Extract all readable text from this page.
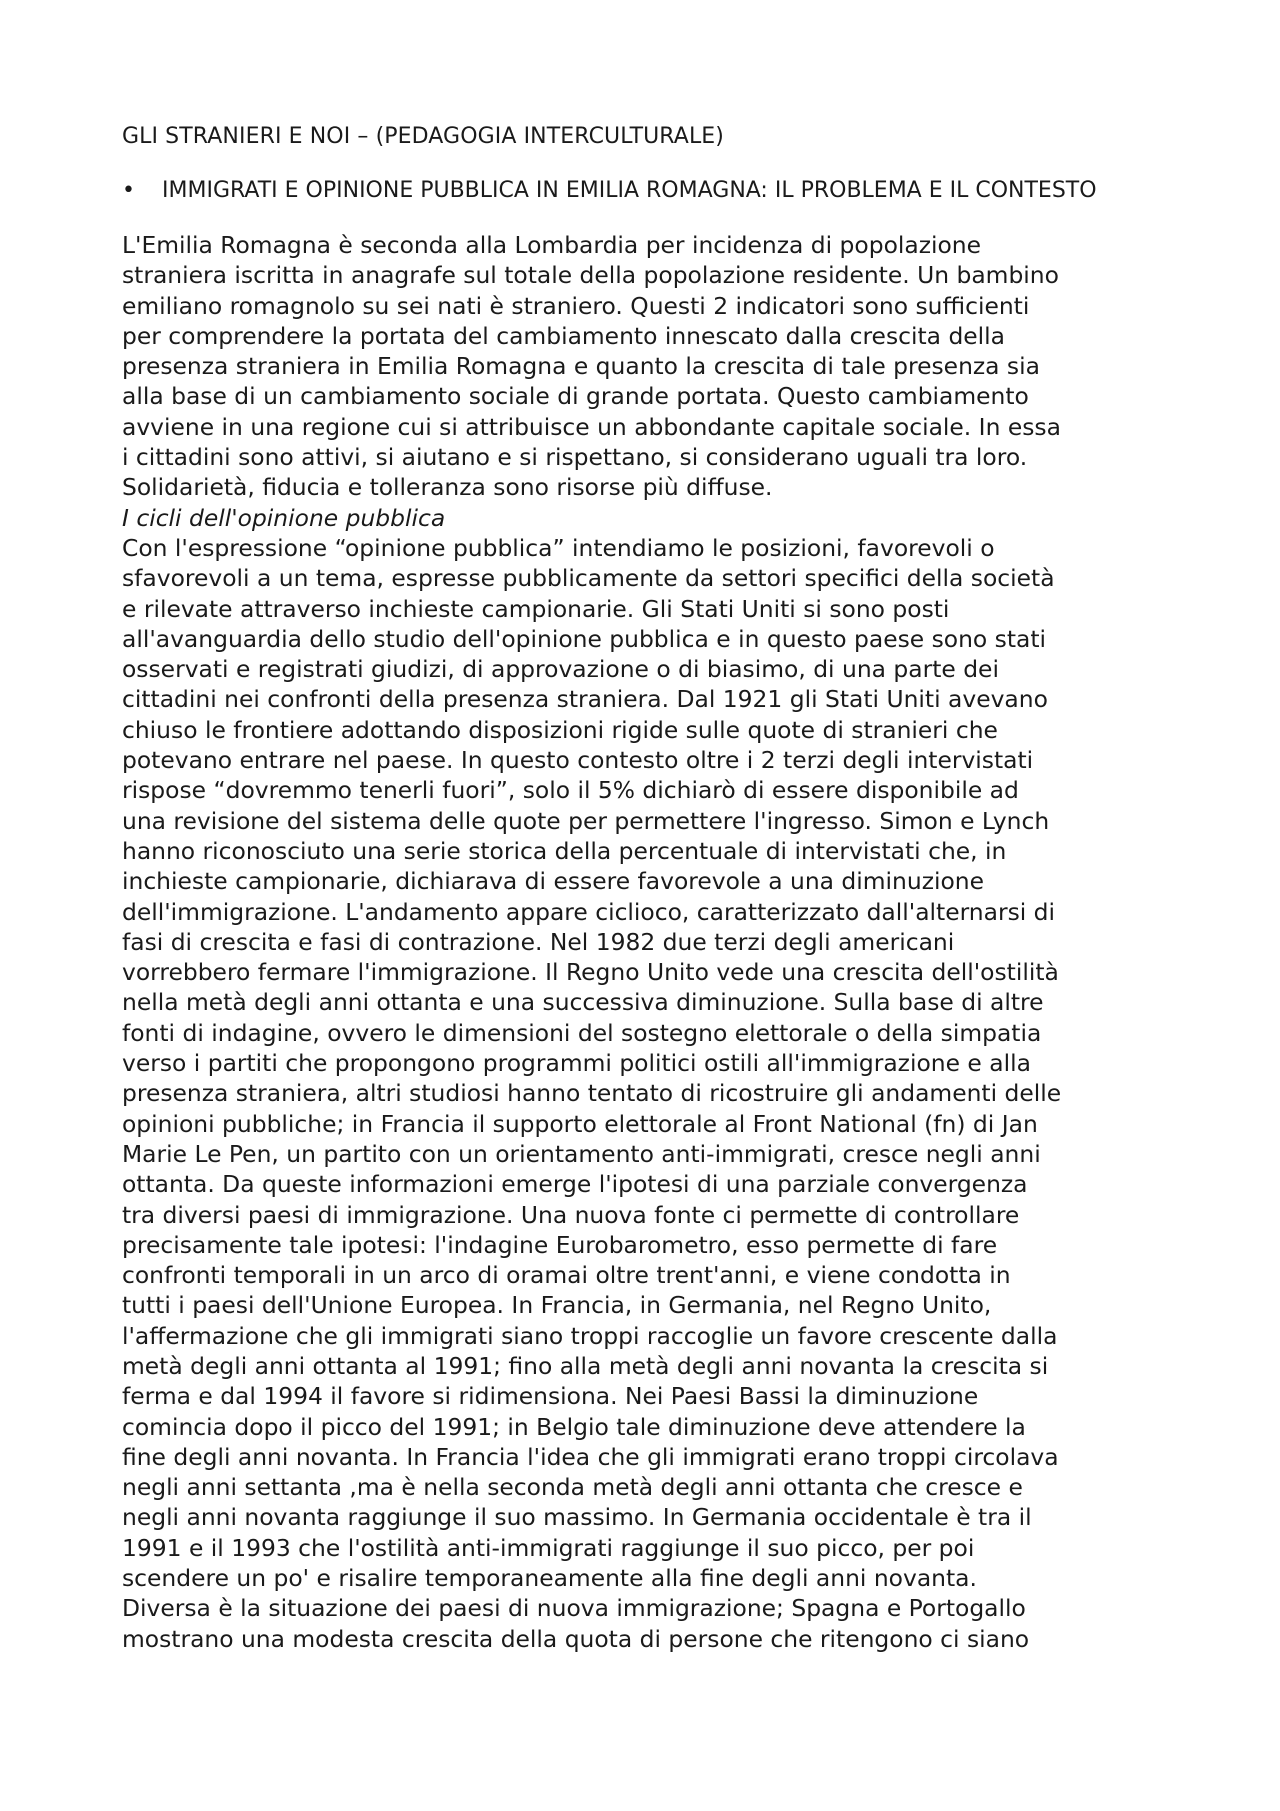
GLI STRANIERI E NOI – (PEDAGOGIA INTERCULTURALE)
•	IMMIGRATI E OPINIONE PUBBLICA IN EMILIA ROMAGNA: IL PROBLEMA E IL CONTESTO

L'Emilia Romagna è seconda alla Lombardia per incidenza di popolazione
straniera iscritta in anagrafe sul totale della popolazione residente. Un bambino
emiliano romagnolo su sei nati è straniero. Questi 2 indicatori sono sufficienti
per comprendere la portata del cambiamento innescato dalla crescita della
presenza straniera in Emilia Romagna e quanto la crescita di tale presenza sia
alla base di un cambiamento sociale di grande portata. Questo cambiamento
avviene in una regione cui si attribuisce un abbondante capitale sociale. In essa
i cittadini sono attivi, si aiutano e si rispettano, si considerano uguali tra loro.
Solidarietà, fiducia e tolleranza sono risorse più diffuse.

I cicli dell'opinione pubblica

Con l'espressione “opinione pubblica” intendiamo le posizioni, favorevoli o
sfavorevoli a un tema, espresse pubblicamente da settori specifici della società
e rilevate attraverso inchieste campionarie. Gli Stati Uniti si sono posti
all'avanguardia dello studio dell'opinione pubblica e in questo paese sono stati
osservati e registrati giudizi, di approvazione o di biasimo, di una parte dei
cittadini nei confronti della presenza straniera. Dal 1921 gli Stati Uniti avevano
chiuso le frontiere adottando disposizioni rigide sulle quote di stranieri che
potevano entrare nel paese. In questo contesto oltre i 2 terzi degli intervistati
rispose “dovremmo tenerli fuori”, solo il 5% dichiarò di essere disponibile ad
una revisione del sistema delle quote per permettere l'ingresso. Simon e Lynch
hanno riconosciuto una serie storica della percentuale di intervistati che, in
inchieste campionarie, dichiarava di essere favorevole a una diminuzione
dell'immigrazione. L'andamento appare ciclioco, caratterizzato dall'alternarsi di
fasi di crescita e fasi di contrazione. Nel 1982 due terzi degli americani
vorrebbero fermare l'immigrazione. Il Regno Unito vede una crescita dell'ostilità
nella metà degli anni ottanta e una successiva diminuzione. Sulla base di altre
fonti di indagine, ovvero le dimensioni del sostegno elettorale o della simpatia
verso i partiti che propongono programmi politici ostili all'immigrazione e alla
presenza straniera, altri studiosi hanno tentato di ricostruire gli andamenti delle
opinioni pubbliche; in Francia il supporto elettorale al Front National (fn) di Jan
Marie Le Pen, un partito con un orientamento anti-immigrati, cresce negli anni
ottanta. Da queste informazioni emerge l'ipotesi di una parziale convergenza
tra diversi paesi di immigrazione. Una nuova fonte ci permette di controllare
precisamente tale ipotesi: l'indagine Eurobarometro, esso permette di fare
confronti temporali in un arco di oramai oltre trent'anni, e viene condotta in
tutti i paesi dell'Unione Europea. In Francia, in Germania, nel Regno Unito,
l'affermazione che gli immigrati siano troppi raccoglie un favore crescente dalla
metà degli anni ottanta al 1991; fino alla metà degli anni novanta la crescita si
ferma e dal 1994 il favore si ridimensiona. Nei Paesi Bassi la diminuzione
comincia dopo il picco del 1991; in Belgio tale diminuzione deve attendere la
fine degli anni novanta. In Francia l'idea che gli immigrati erano troppi circolava
negli anni settanta ,ma è nella seconda metà degli anni ottanta che cresce e
negli anni novanta raggiunge il suo massimo. In Germania occidentale è tra il
1991 e il 1993 che l'ostilità anti-immigrati raggiunge il suo picco, per poi
scendere un po' e risalire temporaneamente alla fine degli anni novanta.
Diversa è la situazione dei paesi di nuova immigrazione; Spagna e Portogallo
mostrano una modesta crescita della quota di persone che ritengono ci siano
